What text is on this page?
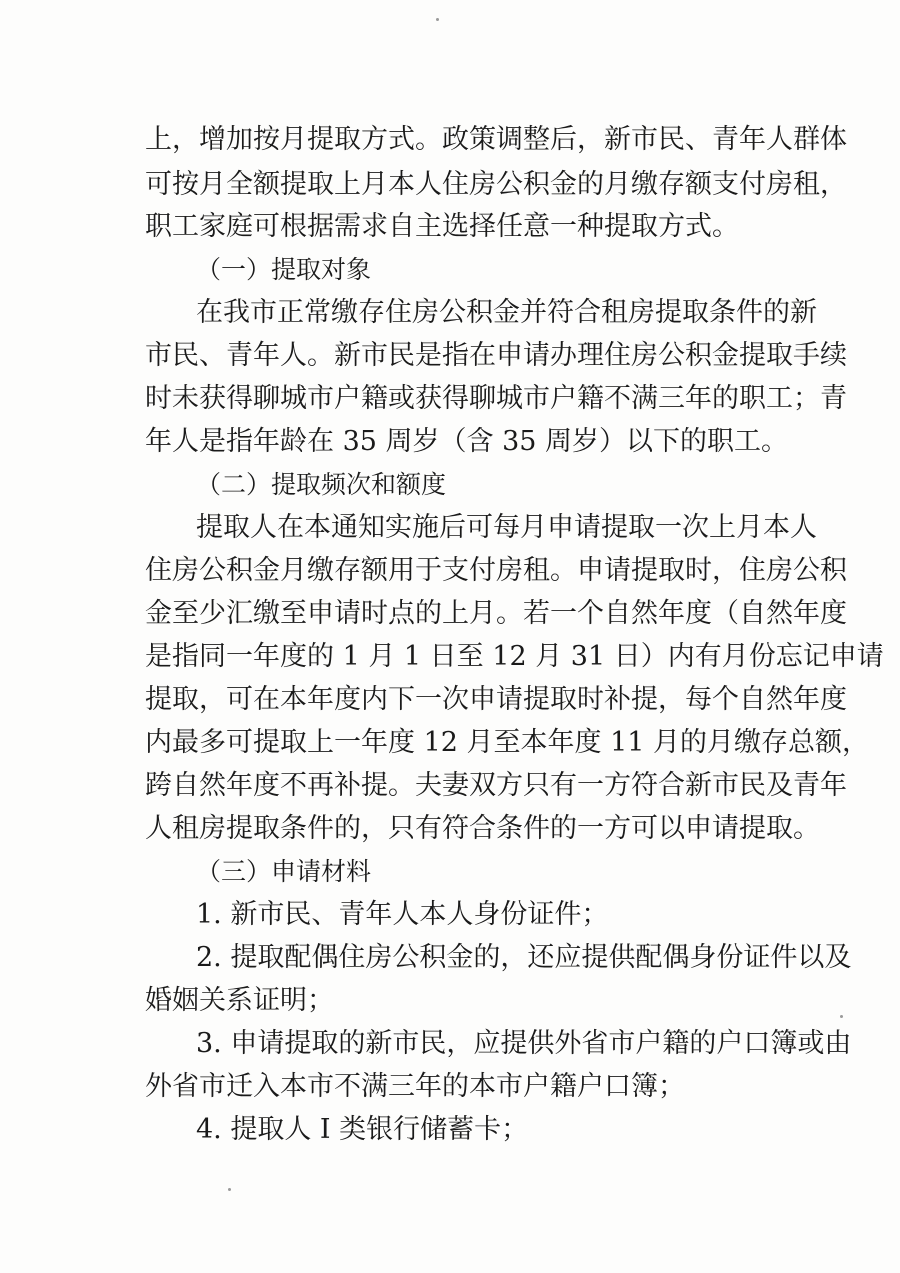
上，增加按月提取方式。政策调整后，新市民、青年人群体
可按月全额提取上月本人住房公积金的月缴存额支付房租，
职工家庭可根据需求自主选择任意一种提取方式。
（一）提取对象
在我市正常缴存住房公积金并符合租房提取条件的新
市民、青年人。新市民是指在申请办理住房公积金提取手续
时未获得聊城市户籍或获得聊城市户籍不满三年的职工；青
年人是指年龄在 35 周岁（含 35 周岁）以下的职工。
（二）提取频次和额度
提取人在本通知实施后可每月申请提取一次上月本人
住房公积金月缴存额用于支付房租。申请提取时，住房公积
金至少汇缴至申请时点的上月。若一个自然年度（自然年度
是指同一年度的 1 月 1 日至 12 月 31 日）内有月份忘记申请
提取，可在本年度内下一次申请提取时补提，每个自然年度
内最多可提取上一年度 12 月至本年度 11 月的月缴存总额，
跨自然年度不再补提。夫妻双方只有一方符合新市民及青年
人租房提取条件的，只有符合条件的一方可以申请提取。
（三）申请材料
1. 新市民、青年人本人身份证件；
2. 提取配偶住房公积金的，还应提供配偶身份证件以及
婚姻关系证明；
3. 申请提取的新市民，应提供外省市户籍的户口簿或由
外省市迁入本市不满三年的本市户籍户口簿；
4. 提取人 I 类银行储蓄卡；
